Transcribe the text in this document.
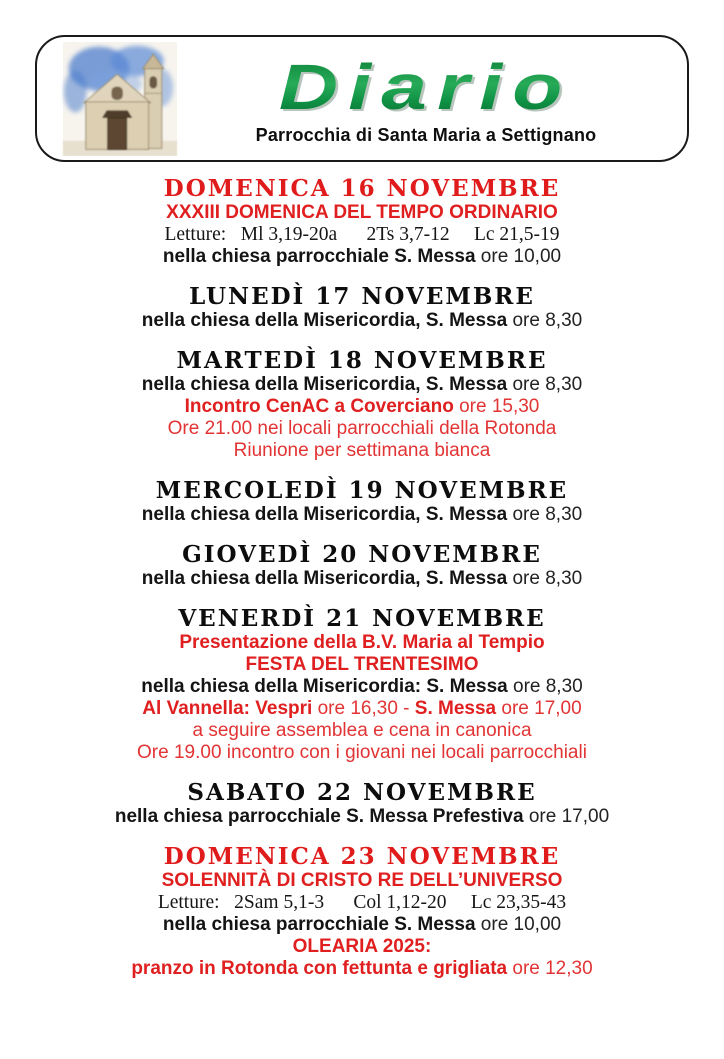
Diario
Parrocchia di Santa Maria a Settignano
DOMENICA 16 NOVEMBRE

XXXIII DOMENICA DEL TEMPO ORDINARIO

Letture:   Ml 3,19-20a      2Ts 3,7-12     Lc 21,5-19

nella chiesa parrocchiale S. Messa ore 10,00

LUNEDÌ 17 NOVEMBRE

nella chiesa della Misericordia, S. Messa ore 8,30

MARTEDÌ 18 NOVEMBRE

nella chiesa della Misericordia, S. Messa ore 8,30

Incontro CenAC a Coverciano ore 15,30

Ore 21.00 nei locali parrocchiali della Rotonda

Riunione per settimana bianca

MERCOLEDÌ 19 NOVEMBRE

nella chiesa della Misericordia, S. Messa ore 8,30

GIOVEDÌ 20 NOVEMBRE

nella chiesa della Misericordia, S. Messa ore 8,30

VENERDÌ 21 NOVEMBRE

Presentazione della B.V. Maria al Tempio

FESTA DEL TRENTESIMO

nella chiesa della Misericordia: S. Messa ore 8,30

Al Vannella: Vespri ore 16,30 - S. Messa ore 17,00

a seguire assemblea e cena in canonica

Ore 19.00 incontro con i giovani nei locali parrocchiali

SABATO 22 NOVEMBRE

nella chiesa parrocchiale S. Messa Prefestiva ore 17,00

DOMENICA 23 NOVEMBRE

SOLENNITÀ DI CRISTO RE DELL’UNIVERSO

Letture:   2Sam 5,1-3      Col 1,12-20     Lc 23,35-43

nella chiesa parrocchiale S. Messa ore 10,00

OLEARIA 2025:

pranzo in Rotonda con fettunta e grigliata ore 12,30
